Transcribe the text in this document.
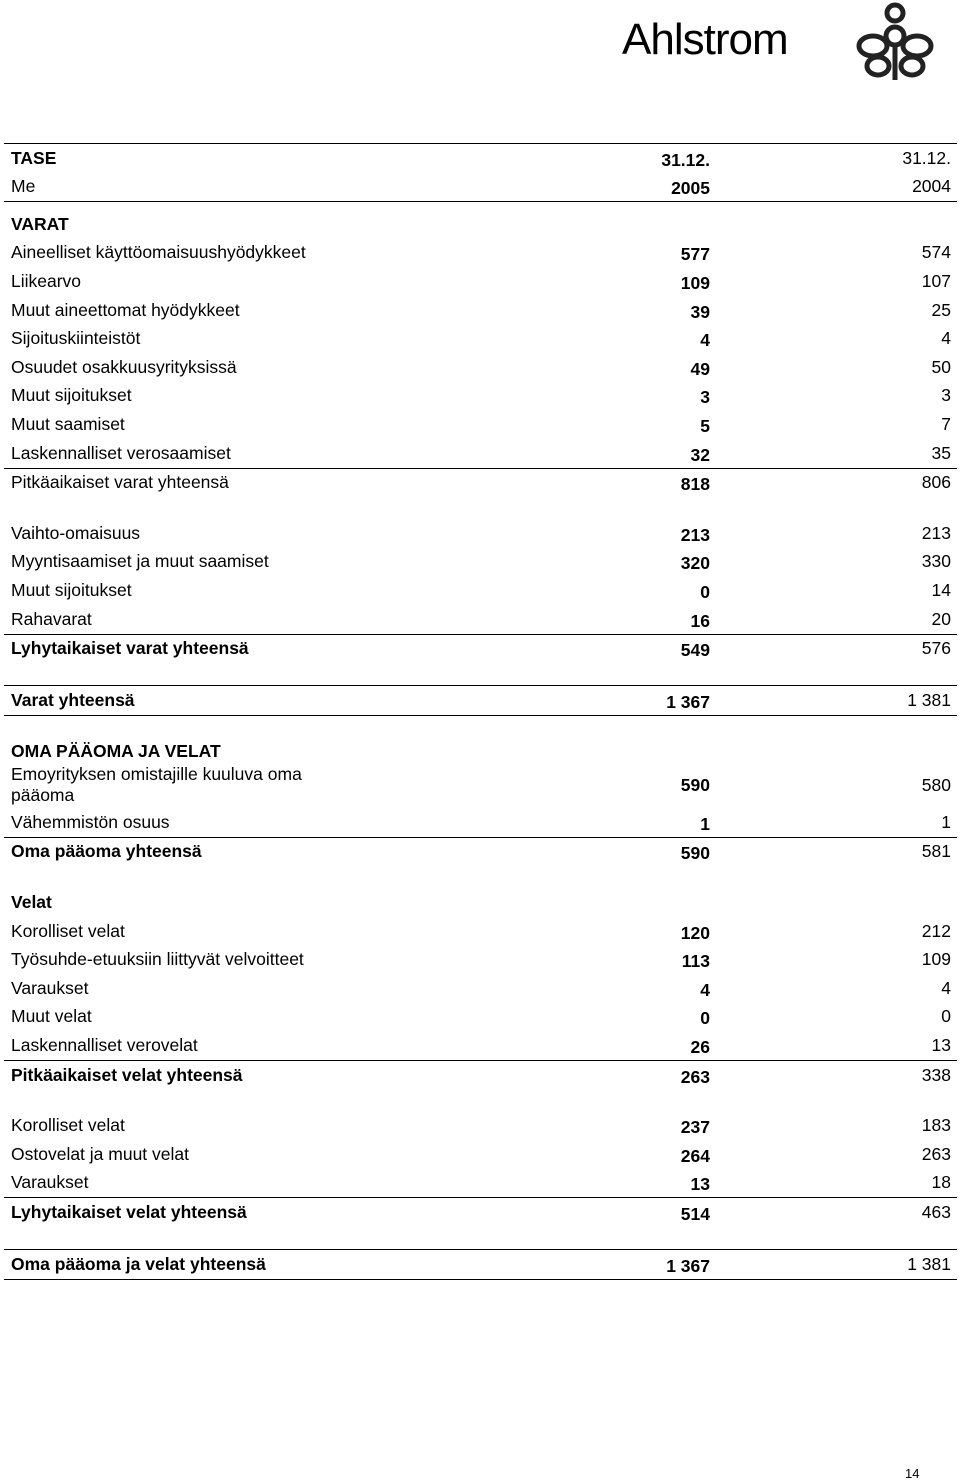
Ahlstrom
TASE	31.12.	31.12.
Me	2005	2004
VARAT
Aineelliset käyttöomaisuushyödykkeet	577	574
Liikearvo	109	107
Muut aineettomat hyödykkeet	39	25
Sijoituskiinteistöt	4	4
Osuudet osakkuusyrityksissä	49	50
Muut sijoitukset	3	3
Muut saamiset	5	7
Laskennalliset verosaamiset	32	35
Pitkäaikaiset varat yhteensä	818	806
Vaihto-omaisuus	213	213
Myyntisaamiset ja muut saamiset	320	330
Muut sijoitukset	0	14
Rahavarat	16	20
Lyhytaikaiset varat yhteensä	549	576
Varat yhteensä	1 367	1 381
OMA PÄÄOMA JA VELAT
Emoyrityksen omistajille kuuluva oma pääoma	590	580
Vähemmistön osuus	1	1
Oma pääoma yhteensä	590	581
Velat
Korolliset velat	120	212
Työsuhde-etuuksiin liittyvät velvoitteet	113	109
Varaukset	4	4
Muut velat	0	0
Laskennalliset verovelat	26	13
Pitkäaikaiset velat yhteensä	263	338
Korolliset velat	237	183
Ostovelat ja muut velat	264	263
Varaukset	13	18
Lyhytaikaiset velat yhteensä	514	463
Oma pääoma ja velat yhteensä	1 367	1 381
14
